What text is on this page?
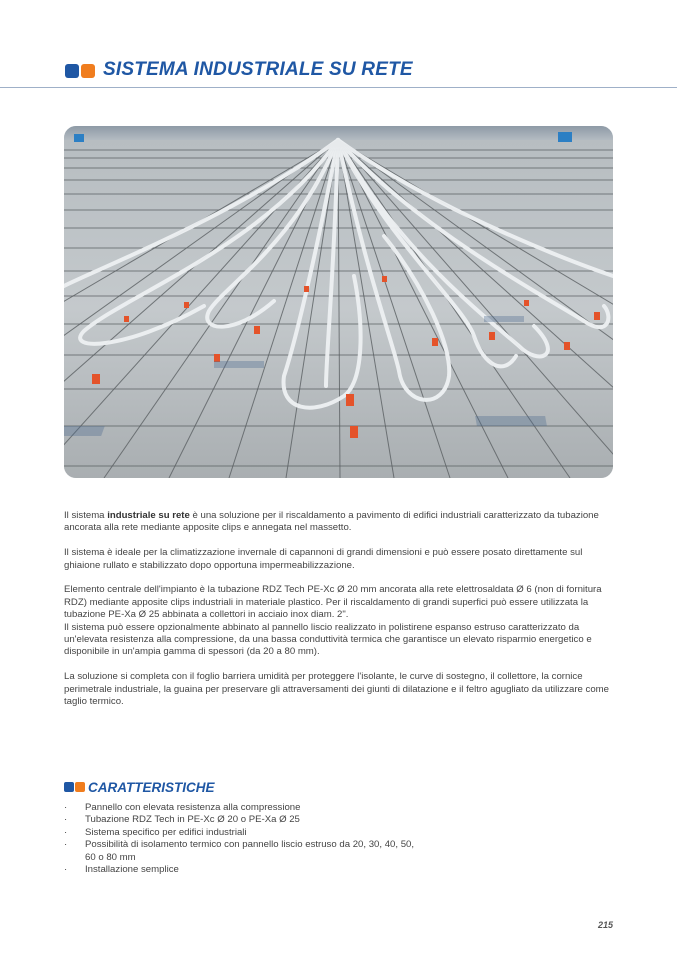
SISTEMA INDUSTRIALE SU RETE

Il sistema industriale su rete è una soluzione per il riscaldamento a pavimento di edifici industriali caratterizzato da tubazione ancorata alla rete mediante apposite clips e annegata nel massetto.

Il sistema è ideale per la climatizzazione invernale di capannoni di grandi dimensioni e può essere posato direttamente sul ghiaione rullato e stabilizzato dopo opportuna impermeabilizzazione.

Elemento centrale dell'impianto è la tubazione RDZ Tech PE-Xc Ø 20 mm ancorata alla rete elettrosaldata Ø 6 (non di fornitura RDZ) mediante apposite clips industriali in materiale plastico. Per il riscaldamento di grandi superfici può essere utilizzata la tubazione PE-Xa Ø 25 abbinata a collettori in acciaio inox diam. 2".
Il sistema può essere opzionalmente abbinato al pannello liscio realizzato in polistirene espanso estruso caratterizzato da un'elevata resistenza alla compressione, da una bassa conduttività termica che garantisce un elevato risparmio energetico e disponibile in un'ampia gamma di spessori (da 20 a 80 mm).

La soluzione si completa con il foglio barriera umidità per proteggere l'isolante, le curve di sostegno, il collettore, la cornice perimetrale industriale, la guaina per preservare gli attraversamenti dei giunti di dilatazione e il feltro agugliato da utilizzare come taglio termico.

CARATTERISTICHE
· Pannello con elevata resistenza alla compressione
· Tubazione RDZ Tech in PE-Xc Ø 20 o PE-Xa Ø 25
· Sistema specifico per edifici industriali
· Possibilità di isolamento termico con pannello liscio estruso da 20, 30, 40, 50, 60 o 80 mm
· Installazione semplice
215
